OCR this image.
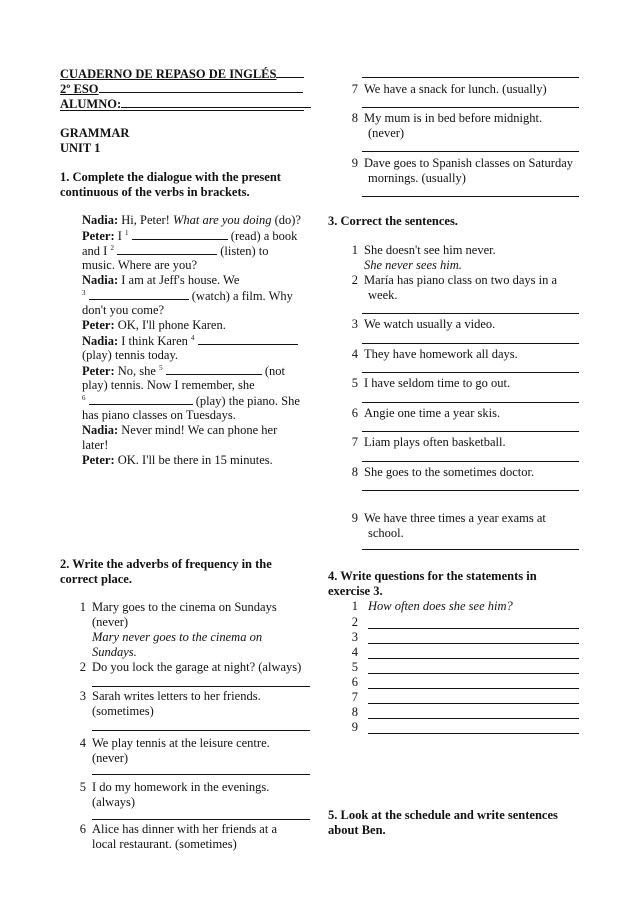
CUADERNO DE REPASO DE INGLÉS
2º ESO
ALUMNO:
GRAMMAR
UNIT 1
1. Complete the dialogue with the present
continuous of the verbs in brackets.
Nadia: Hi, Peter! What are you doing (do)?
Peter: I $^1$	(read) a book
and I $^2$	(listen) to
music. Where are you?
Nadia: I am at Jeff's house. We
$^3$	(watch) a film. Why
don't you come?
Peter: OK, I'll phone Karen.
Nadia: I think Karen $^4$
(play) tennis today.
Peter: No, she $^5$	(not
play) tennis. Now I remember, she
$^6$	(play) the piano. She
has piano classes on Tuesdays.
Nadia: Never mind! We can phone her
later!
Peter: OK. I'll be there in 15 minutes.
2. Write the adverbs of frequency in the
correct place.
1 Mary goes to the cinema on Sundays
(never)
Mary never goes to the cinema on
Sundays.
2 Do you lock the garage at night? (always)
3 Sarah writes letters to her friends.
(sometimes)
4 We play tennis at the leisure centre.
(never)
5 I do my homework in the evenings.
(always)
6 Alice has dinner with her friends at a
local restaurant. (sometimes)
7 We have a snack for lunch. (usually)
8 My mum is in bed before midnight.
(never)
9 Dave goes to Spanish classes on Saturday
mornings. (usually)
3. Correct the sentences.
1 She doesn't see him never.
She never sees him.
2 María has piano class on two days in a
week.
3 We watch usually a video.
4 They have homework all days.
5 I have seldom time to go out.
6 Angie one time a year skis.
7 Liam plays often basketball.
8 She goes to the sometimes doctor.
9 We have three times a year exams at
school.
4. Write questions for the statements in
exercise 3.
1 How often does she see him?
2
3
4
5
6
7
8
9
5. Look at the schedule and write sentences
about Ben.
